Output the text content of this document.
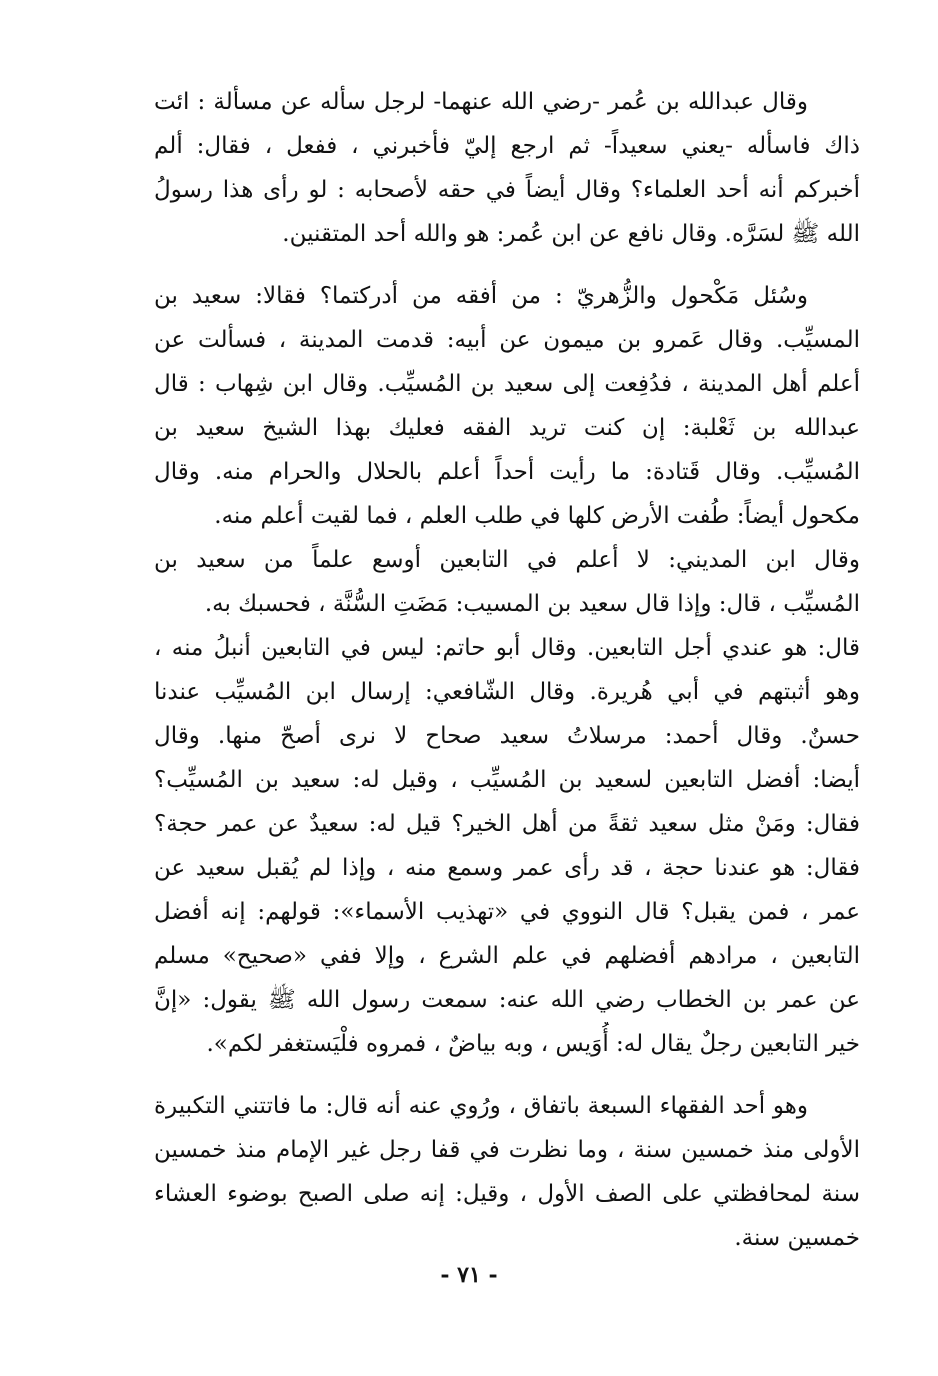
وقال عبدالله بن عُمر -رضي الله عنهما- لرجل سأله عن مسألة : ائت
ذاك فاسأله -يعني سعيداً- ثم ارجع إليّ فأخبرني ، ففعل ، فقال: ألم
أخبركم أنه أحد العلماء؟ وقال أيضاً في حقه لأصحابه : لو رأى هذا رسولُ
الله ﷺ لسَرَّه. وقال نافع عن ابن عُمر: هو والله أحد المتقنين.
وسُئل مَكْحول والزُّهريّ : من أفقه من أدركتما؟ فقالا: سعيد بن
المسيِّب. وقال عَمرو بن ميمون عن أبيه: قدمت المدينة ، فسألت عن
أعلم أهل المدينة ، فدُفِعت إلى سعيد بن المُسيِّب. وقال ابن شِهاب : قال
عبدالله بن ثَعْلبة: إن كنت تريد الفقه فعليك بهذا الشيخ سعيد بن
المُسيِّب. وقال قَتادة: ما رأيت أحداً أعلم بالحلال والحرام منه. وقال
مكحول أيضاً: طُفت الأرض كلها في طلب العلم ، فما لقيت أعلم منه.
وقال ابن المديني: لا أعلم في التابعين أوسع علماً من سعيد بن
المُسيِّب ، قال: وإذا قال سعيد بن المسيب: مَضَتِ السُّنَّة ، فحسبك به.
قال: هو عندي أجل التابعين. وقال أبو حاتم: ليس في التابعين أنبلُ منه ،
وهو أثبتهم في أبي هُريرة. وقال الشّافعي: إرسال ابن المُسيِّب عندنا
حسنٌ. وقال أحمد: مرسلاتُ سعيد صحاح لا نرى أصحّ منها. وقال
أيضا: أفضل التابعين لسعيد بن المُسيِّب ، وقيل له: سعيد بن المُسيِّب؟
فقال: ومَنْ مثل سعيد ثقةً من أهل الخير؟ قيل له: سعيدٌ عن عمر حجة؟
فقال: هو عندنا حجة ، قد رأى عمر وسمع منه ، وإذا لم يُقبل سعيد عن
عمر ، فمن يقبل؟ قال النووي في «تهذيب الأسماء»: قولهم: إنه أفضل
التابعين ، مرادهم أفضلهم في علم الشرع ، وإلا ففي «صحيح» مسلم
عن عمر بن الخطاب رضي الله عنه: سمعت رسول الله ﷺ يقول: «إنَّ
خير التابعين رجلٌ يقال له: أُوَيس ، وبه بياضٌ ، فمروه فلْيَستغفر لكم».
وهو أحد الفقهاء السبعة باتفاق ، ورُوي عنه أنه قال: ما فاتتني التكبيرة
الأولى منذ خمسين سنة ، وما نظرت في قفا رجل غير الإمام منذ خمسين
سنة لمحافظتي على الصف الأول ، وقيل: إنه صلى الصبح بوضوء العشاء
خمسين سنة.
- ٧١ -
